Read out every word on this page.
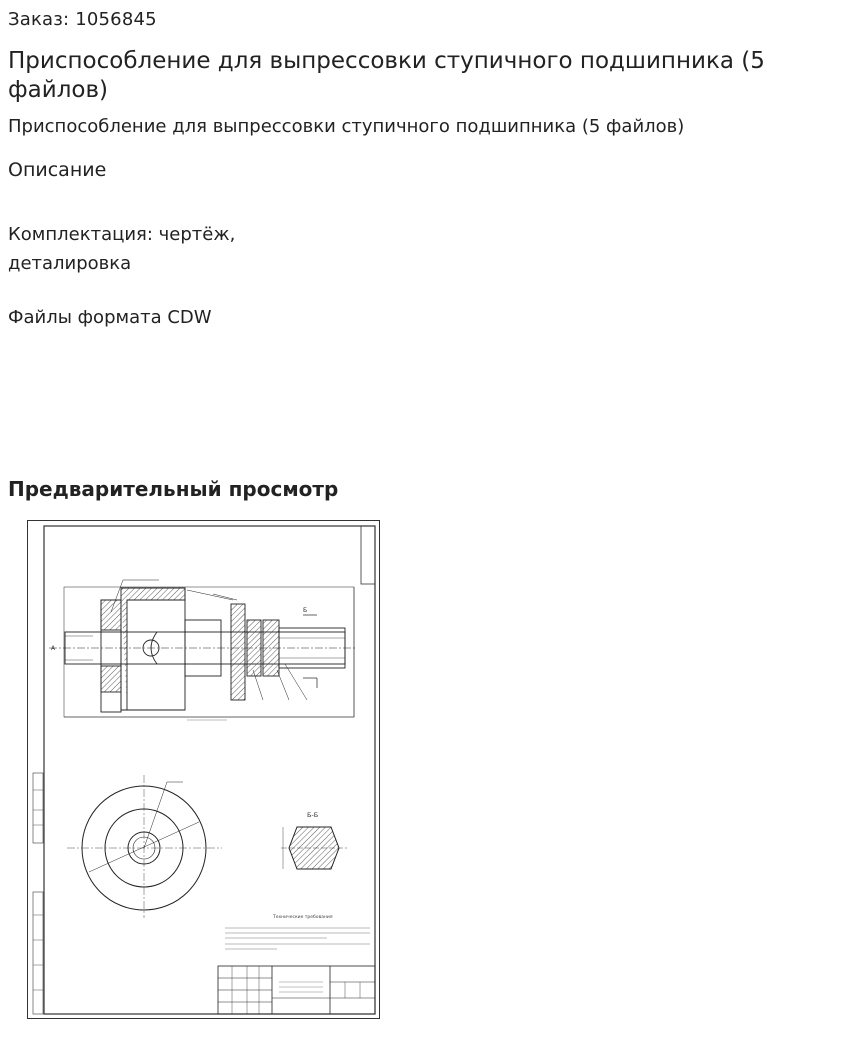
Заказ: 1056845
Приспособление для выпрессовки ступичного подшипника (5 файлов)
Приспособление для выпрессовки ступичного подшипника (5 файлов)
Описание
Комплектация: чертёж,
деталировка
Файлы формата CDW
Предварительный просмотр
А
Б
Б-Б
Технические требования
